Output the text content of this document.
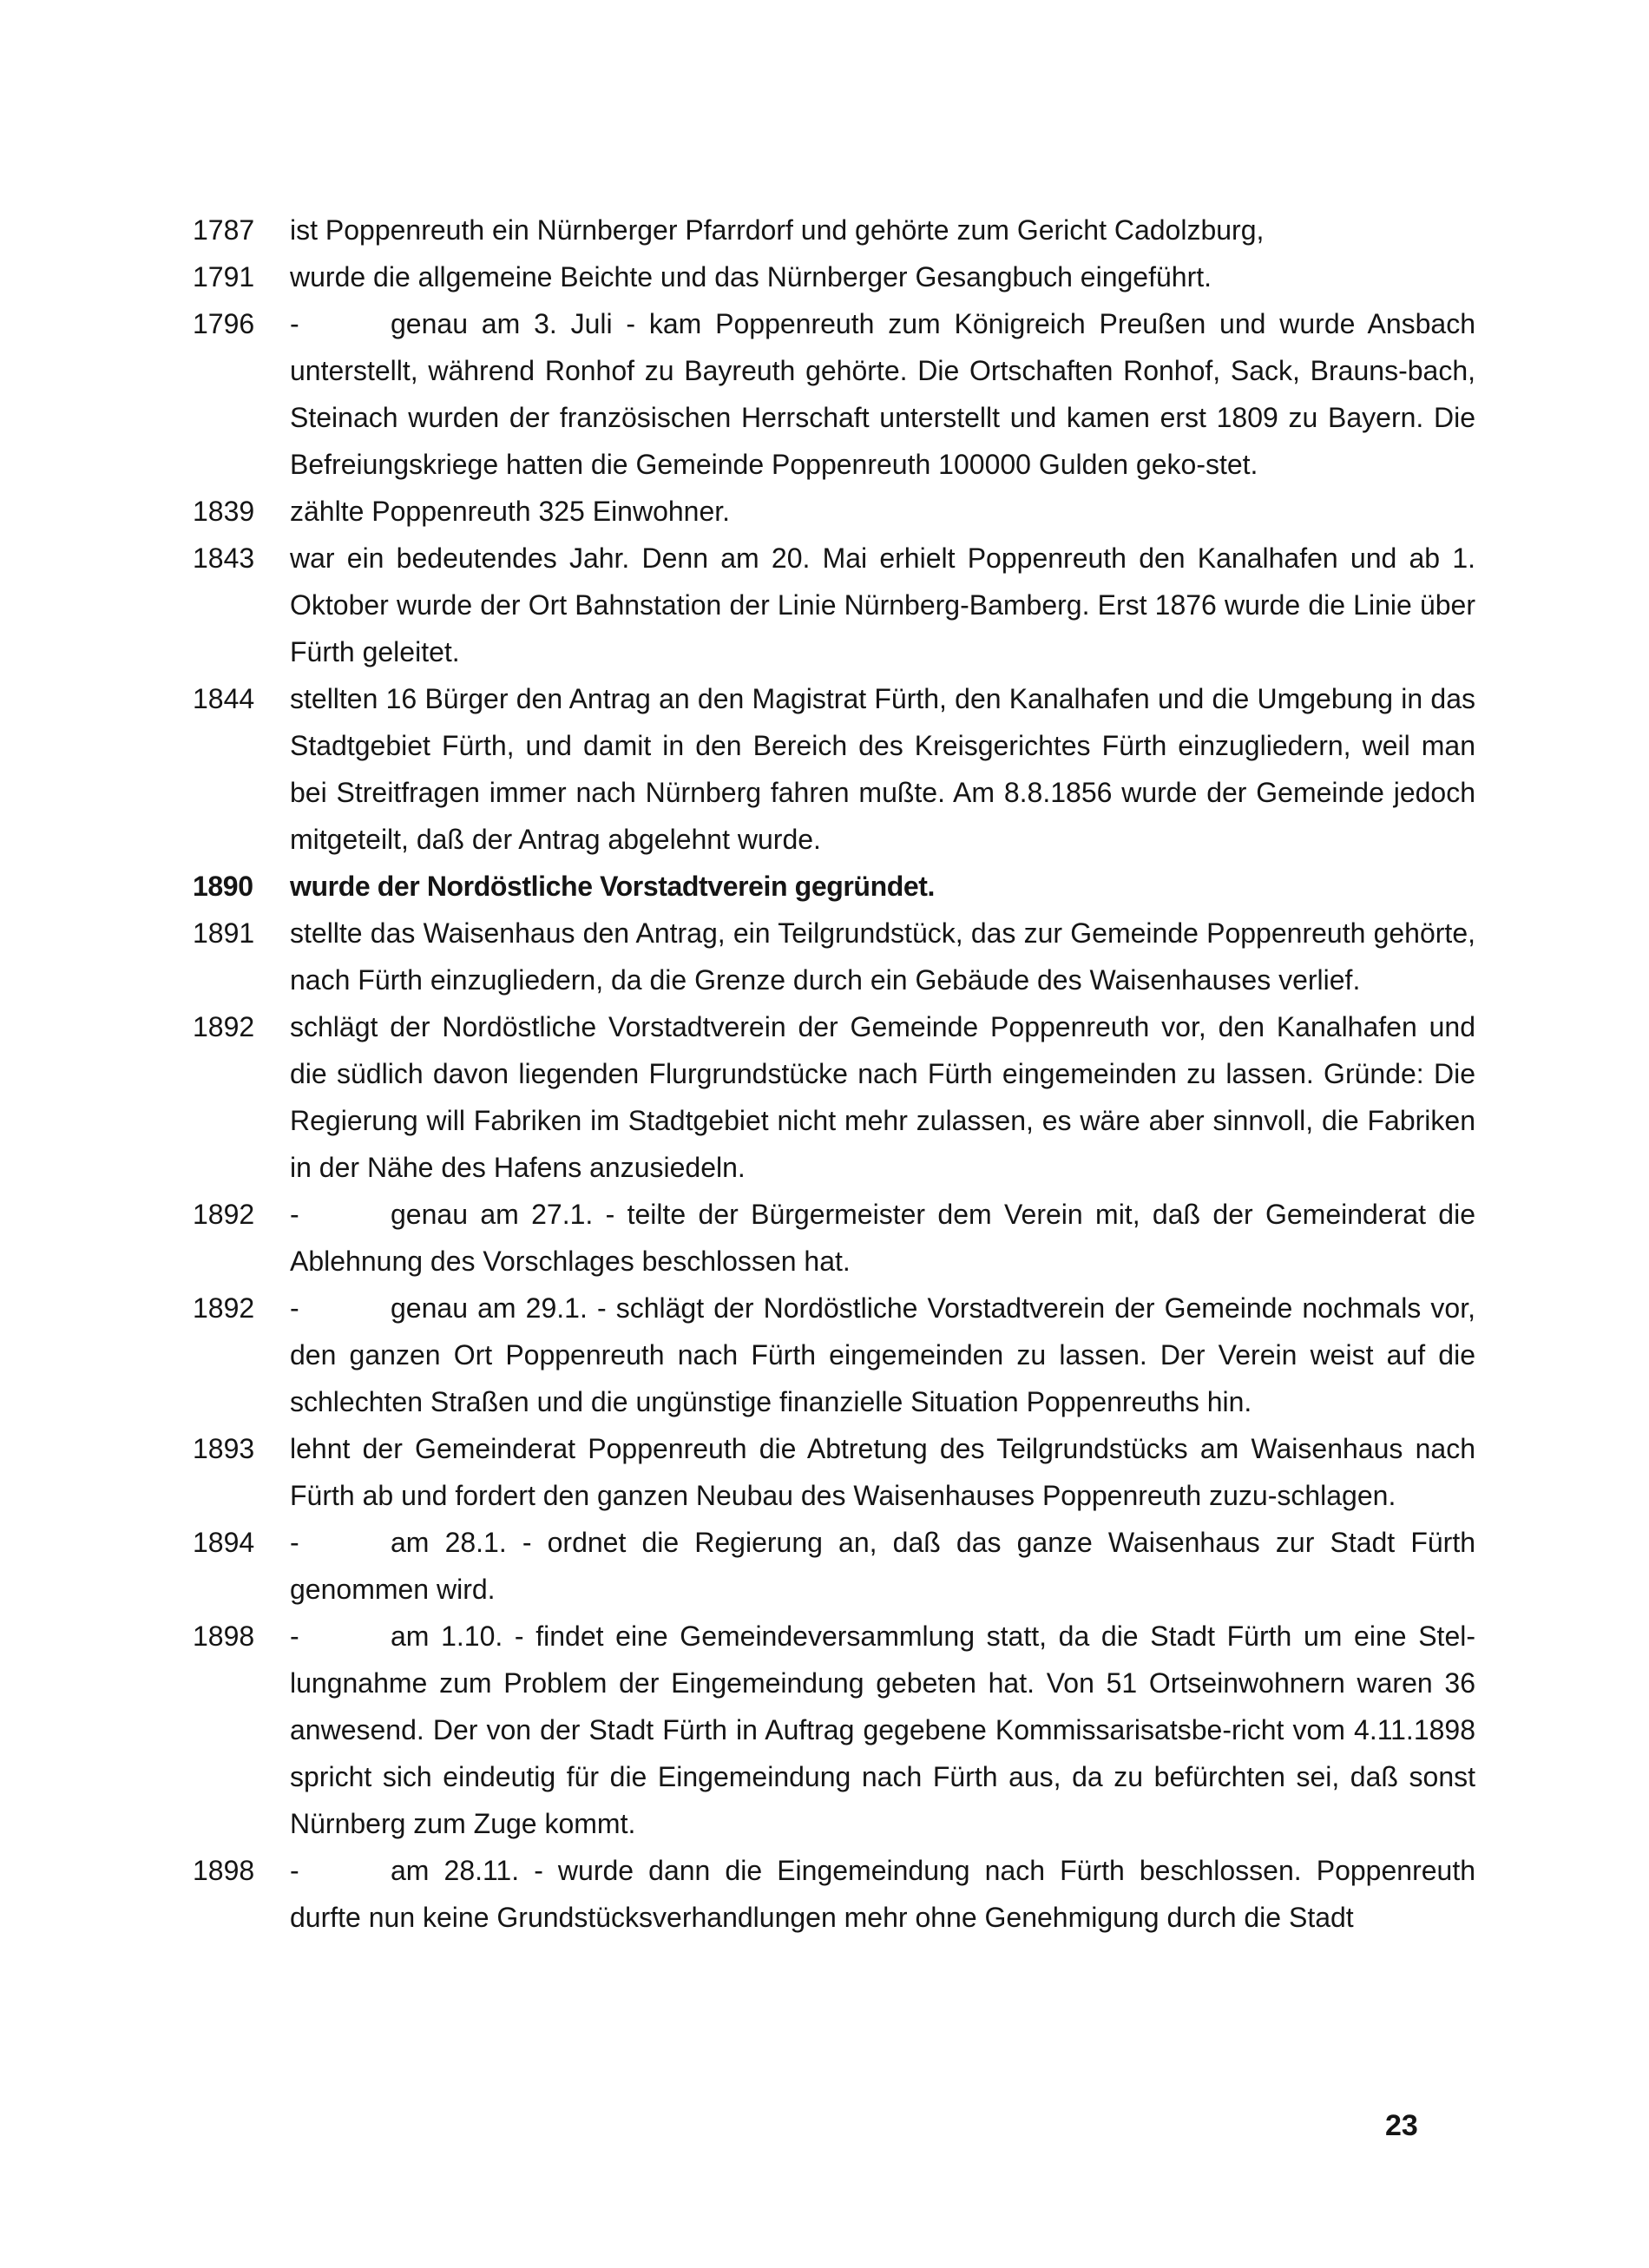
1787	ist Poppenreuth ein Nürnberger Pfarrdorf und gehörte zum Gericht Cadolzburg,
1791	wurde die allgemeine Beichte und das Nürnberger Gesangbuch eingeführt.
1796	-	genau am 3. Juli - kam Poppenreuth zum Königreich Preußen und wurde Ansbach unterstellt, während Ronhof zu Bayreuth gehörte. Die Ortschaften Ronhof, Sack, Brauns-bach, Steinach wurden der französischen Herrschaft unterstellt und kamen erst 1809 zu Bayern. Die Befreiungskriege hatten die Gemeinde Poppenreuth 100000 Gulden geko-stet.
1839	zählte Poppenreuth 325 Einwohner.
1843	war ein bedeutendes Jahr. Denn am 20. Mai erhielt Poppenreuth den Kanalhafen und ab 1. Oktober wurde der Ort Bahnstation der Linie Nürnberg-Bamberg. Erst 1876 wurde die Linie über Fürth geleitet.
1844	stellten 16 Bürger den Antrag an den Magistrat Fürth, den Kanalhafen und die Umgebung in das Stadtgebiet Fürth, und damit in den Bereich des Kreisgerichtes Fürth einzugliedern, weil man bei Streitfragen immer nach Nürnberg fahren mußte. Am 8.8.1856 wurde der Gemeinde jedoch mitgeteilt, daß der Antrag abgelehnt wurde.
1890	wurde der Nordöstliche Vorstadtverein gegründet.
1891	stellte das Waisenhaus den Antrag, ein Teilgrundstück, das zur Gemeinde Poppenreuth gehörte, nach Fürth einzugliedern, da die Grenze durch ein Gebäude des Waisenhauses verlief.
1892	schlägt der Nordöstliche Vorstadtverein der Gemeinde Poppenreuth vor, den Kanalhafen und die südlich davon liegenden Flurgrundstücke nach Fürth eingemeinden zu lassen. Gründe: Die Regierung will Fabriken im Stadtgebiet nicht mehr zulassen, es wäre aber sinnvoll, die Fabriken in der Nähe des Hafens anzusiedeln.
1892	-	genau am 27.1. - teilte der Bürgermeister dem Verein mit, daß der Gemeinderat die Ablehnung des Vorschlages beschlossen hat.
1892	-	genau am 29.1. - schlägt der Nordöstliche Vorstadtverein der Gemeinde nochmals vor, den ganzen Ort Poppenreuth nach Fürth eingemeinden zu lassen. Der Verein weist auf die schlechten Straßen und die ungünstige finanzielle Situation Poppenreuths hin.
1893	lehnt der Gemeinderat Poppenreuth die Abtretung des Teilgrundstücks am Waisenhaus nach Fürth ab und fordert den ganzen Neubau des Waisenhauses Poppenreuth zuzu-schlagen.
1894	-	am 28.1. - ordnet die Regierung an, daß das ganze Waisenhaus zur Stadt Fürth genommen wird.
1898	-	am 1.10. - findet eine Gemeindeversammlung statt, da die Stadt Fürth um eine Stel-lungnahme zum Problem der Eingemeindung gebeten hat. Von 51 Ortseinwohnern waren 36 anwesend. Der von der Stadt Fürth in Auftrag gegebene Kommissarisatsbe-richt vom 4.11.1898 spricht sich eindeutig für die Eingemeindung nach Fürth aus, da zu befürchten sei, daß sonst Nürnberg zum Zuge kommt.
1898	-	am 28.11. - wurde dann die Eingemeindung nach Fürth beschlossen. Poppenreuth durfte nun keine Grundstücksverhandlungen mehr ohne Genehmigung durch die Stadt
23
